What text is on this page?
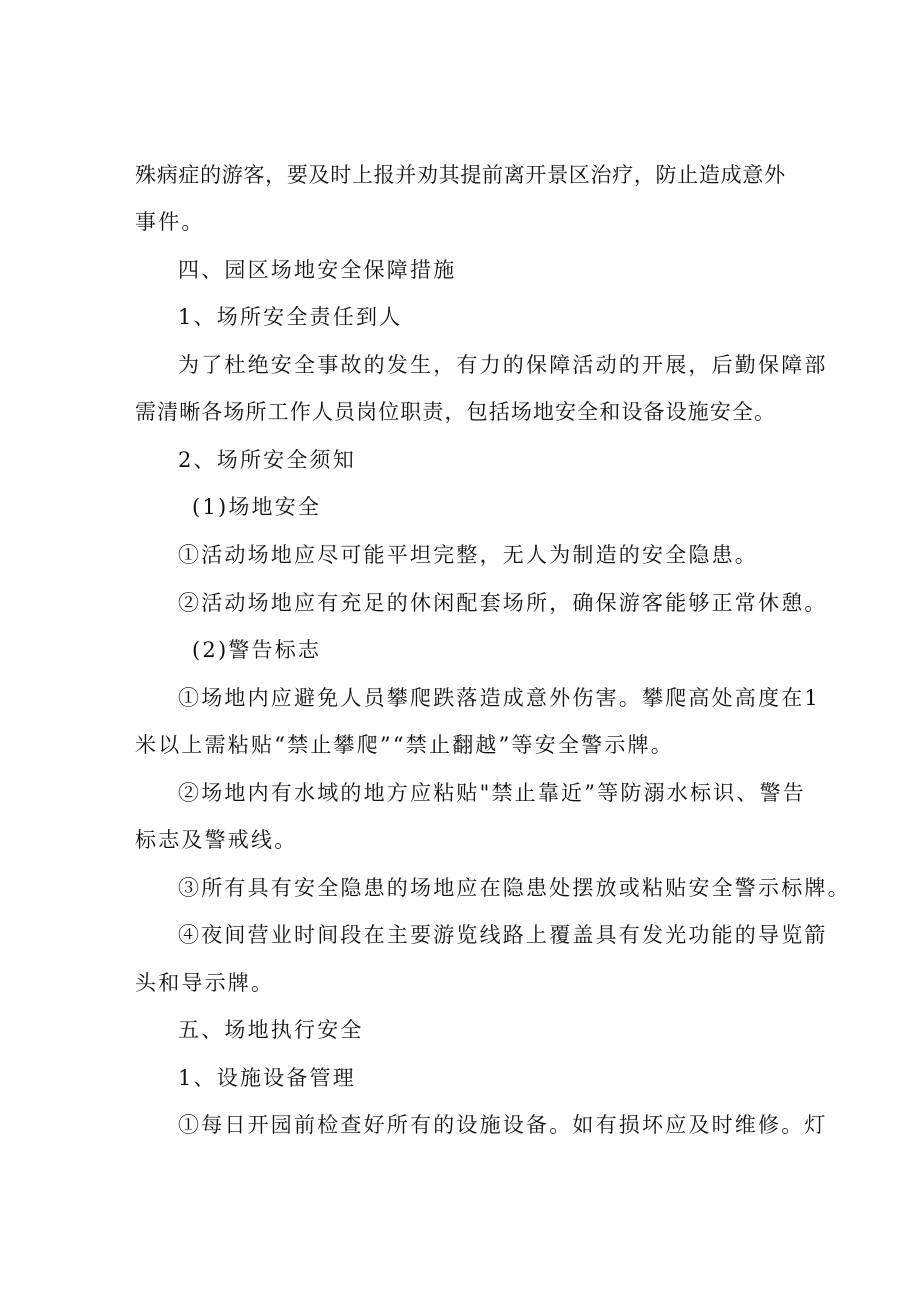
殊病症的游客，要及时上报并劝其提前离开景区治疗，防止造成意外
事件。
四、园区场地安全保障措施
1、场所安全责任到人
为了杜绝安全事故的发生，有力的保障活动的开展，后勤保障部
需清晰各场所工作人员岗位职责，包括场地安全和设备设施安全。
2、场所安全须知
(1)场地安全
①活动场地应尽可能平坦完整，无人为制造的安全隐患。
②活动场地应有充足的休闲配套场所，确保游客能够正常休憩。
(2)警告标志
①场地内应避免人员攀爬跌落造成意外伤害。攀爬高处高度在1
米以上需粘贴“禁止攀爬”“禁止翻越”等安全警示牌。
②场地内有水域的地方应粘贴"禁止靠近”等防溺水标识、警告
标志及警戒线。
③所有具有安全隐患的场地应在隐患处摆放或粘贴安全警示标牌。
④夜间营业时间段在主要游览线路上覆盖具有发光功能的导览箭
头和导示牌。
五、场地执行安全
1、设施设备管理
①每日开园前检查好所有的设施设备。如有损坏应及时维修。灯
